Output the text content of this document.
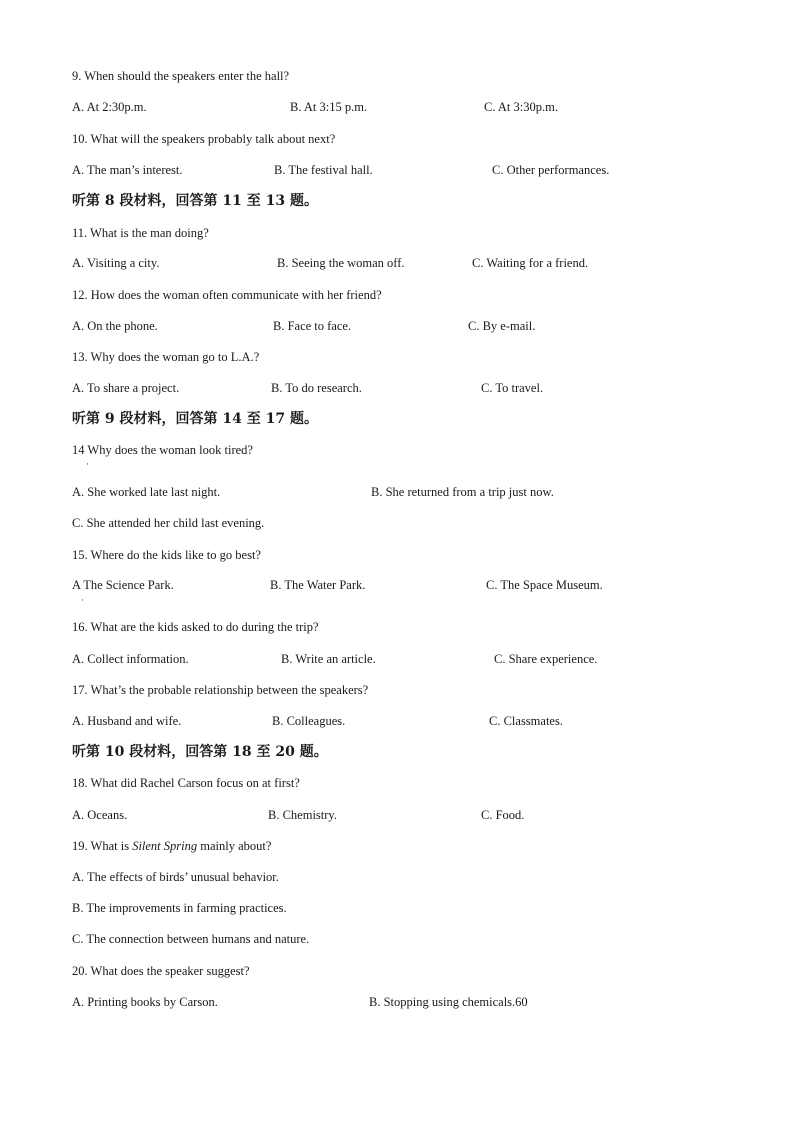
9. When should the speakers enter the hall?
A. At 2:30p.m.	B. At 3:15 p.m.	C. At 3:30p.m.
10. What will the speakers probably talk about next?
A. The man’s interest.	B. The festival hall.	C. Other performances.
听第 8 段材料，回答第 11 至 13 题。
11. What is the man doing?
A. Visiting a city.	B. Seeing the woman off.	C. Waiting for a friend.
12. How does the woman often communicate with her friend?
A. On the phone.	B. Face to face.	C. By e-mail.
13. Why does the woman go to L.A.?
A. To share a project.	B. To do research.	C. To travel.
听第 9 段材料，回答第 14 至 17 题。
14 Why does the woman look tired?
·
A. She worked late last night.	B. She returned from a trip just now.
C. She attended her child last evening.
15. Where do the kids like to go best?
A The Science Park.
·
B. The Water Park.	C. The Space Museum.
16. What are the kids asked to do during the trip?
A. Collect information.	B. Write an article.	C. Share experience.
17. What’s the probable relationship between the speakers?
A. Husband and wife.	B. Colleagues.	C. Classmates.
听第 10 段材料，回答第 18 至 20 题。
18. What did Rachel Carson focus on at first?
A. Oceans.	B. Chemistry.	C. Food.
19. What is Silent Spring mainly about?
A. The effects of birds’ unusual behavior.
B. The improvements in farming practices.
C. The connection between humans and nature.
20. What does the speaker suggest?
A. Printing books by Carson.	B. Stopping using chemicals.60
